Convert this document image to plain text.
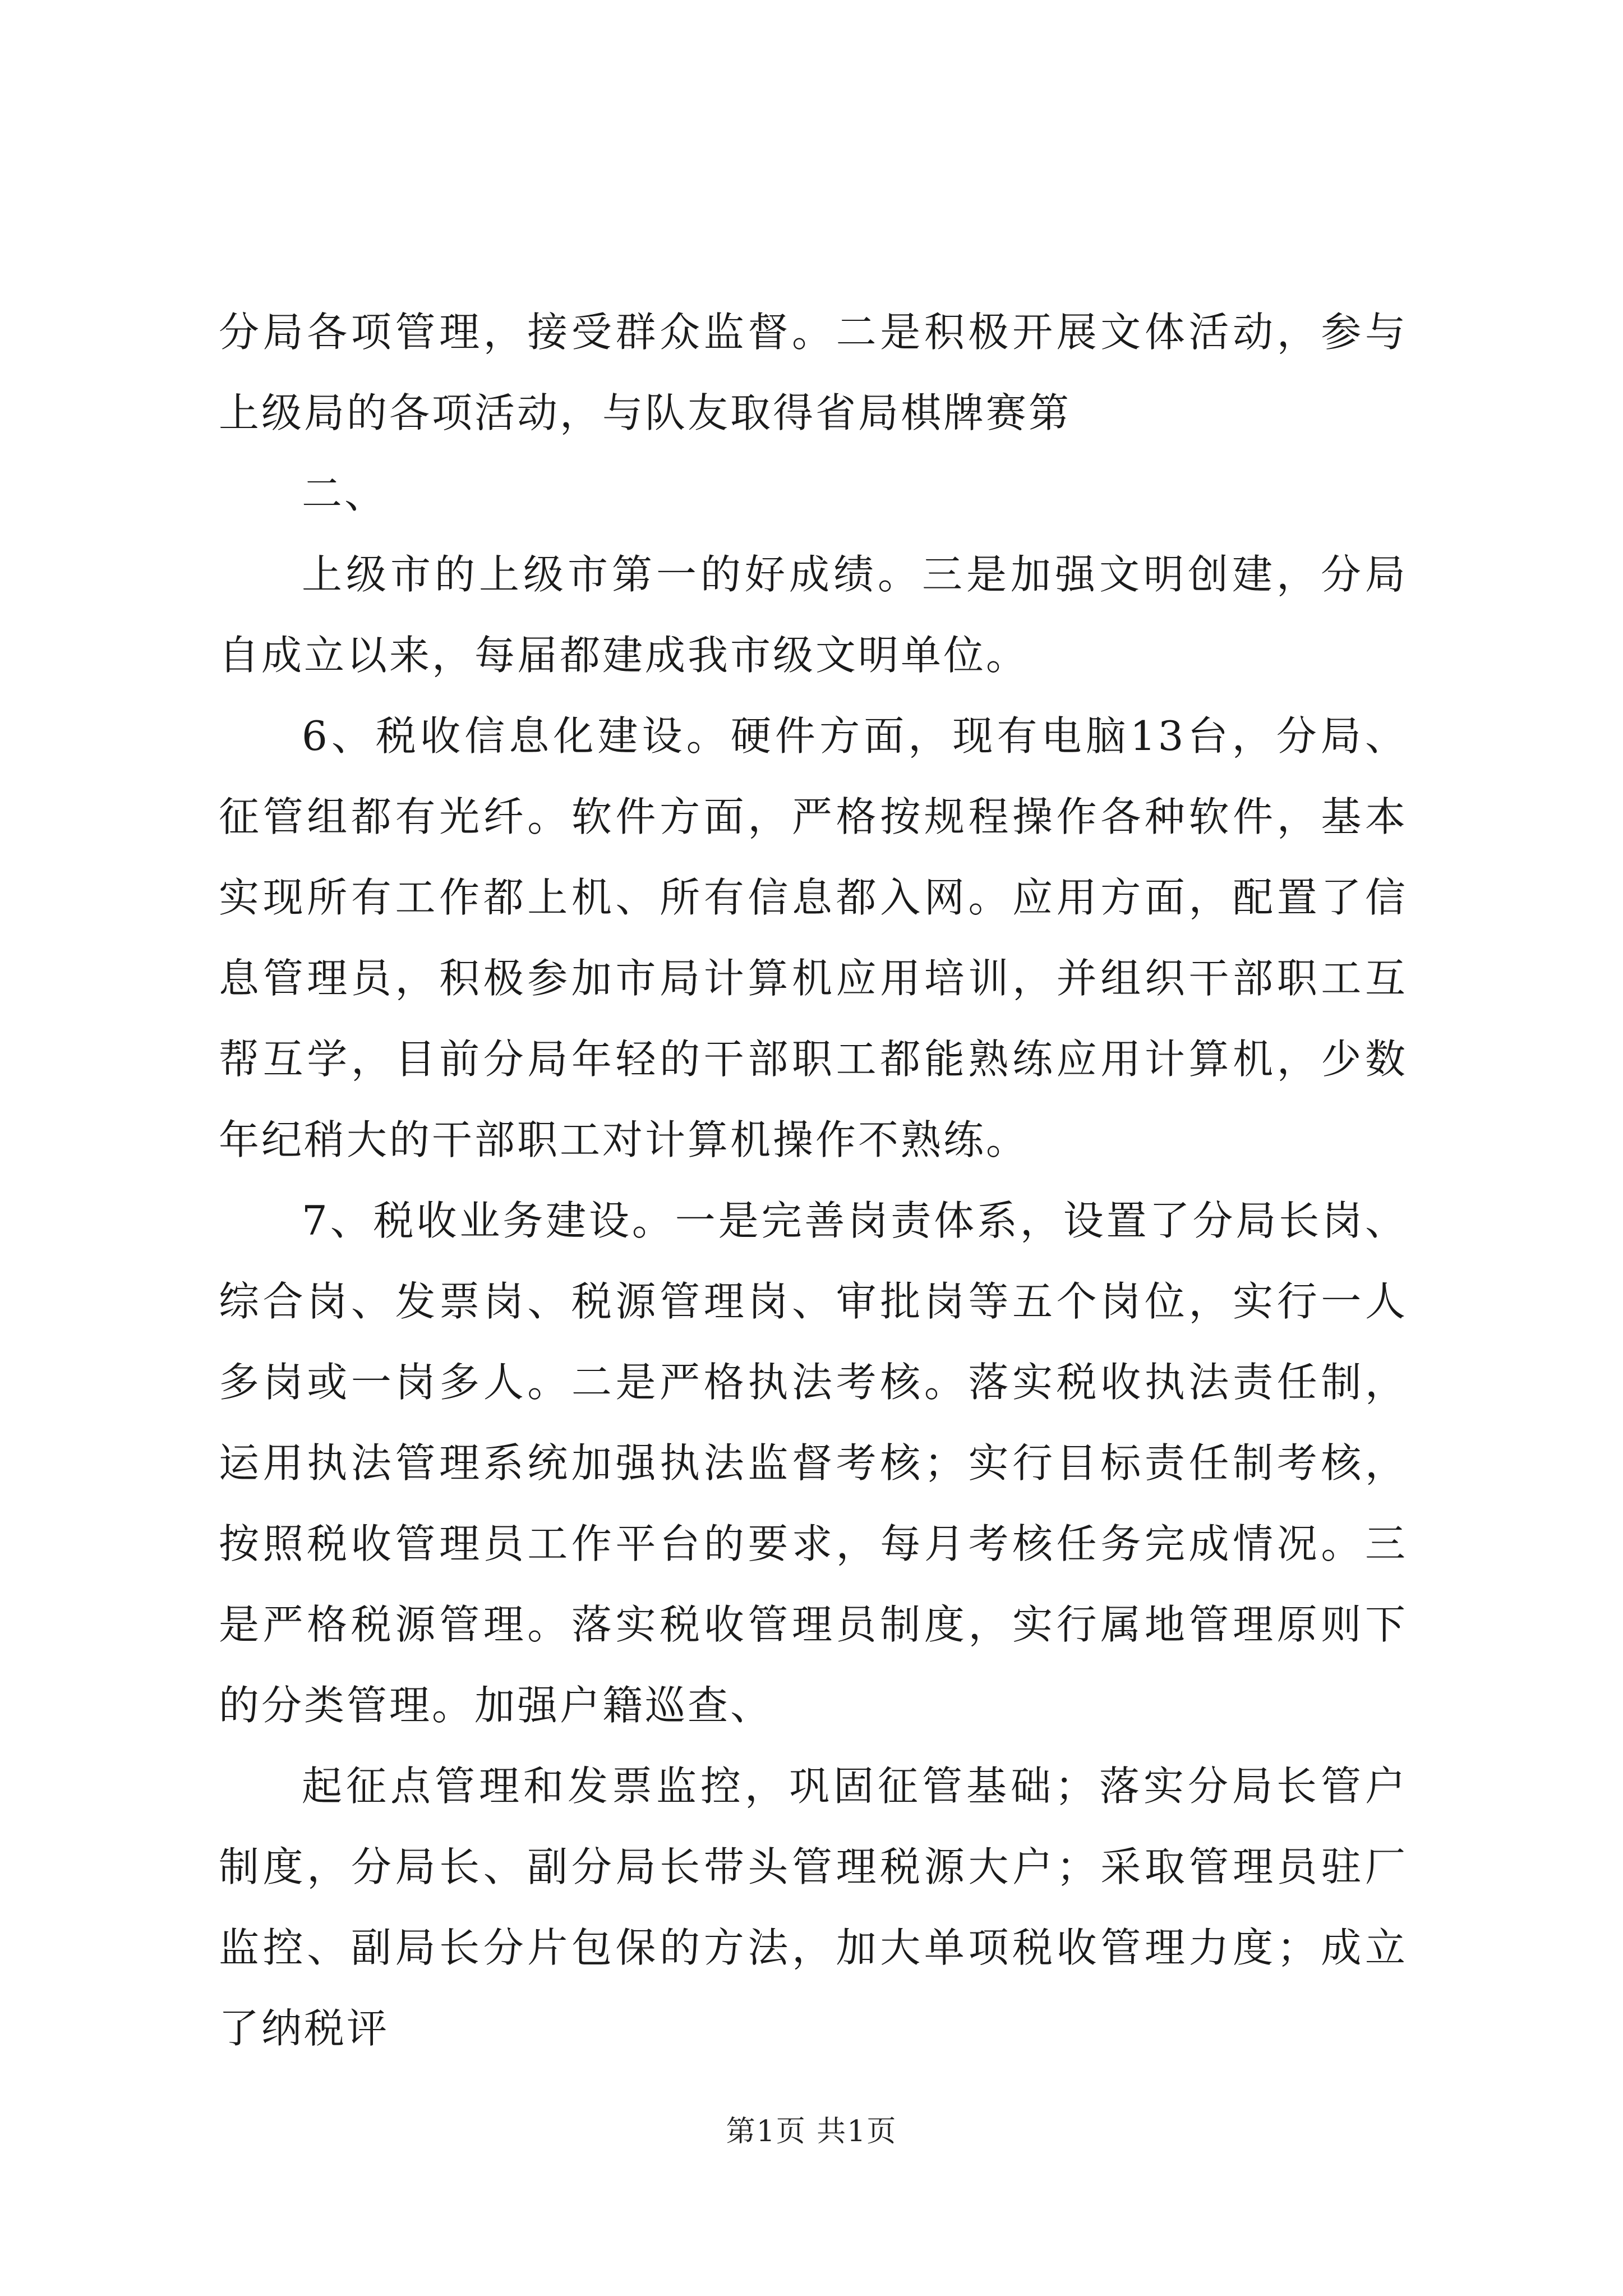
分局各项管理，接受群众监督。二是积极开展文体活动，参与上级局的各项活动，与队友取得省局棋牌赛第

二、

上级市的上级市第一的好成绩。三是加强文明创建，分局自成立以来，每届都建成我市级文明单位。

6、税收信息化建设。硬件方面，现有电脑13台，分局、征管组都有光纤。软件方面，严格按规程操作各种软件，基本实现所有工作都上机、所有信息都入网。应用方面，配置了信息管理员，积极参加市局计算机应用培训，并组织干部职工互帮互学，目前分局年轻的干部职工都能熟练应用计算机，少数年纪稍大的干部职工对计算机操作不熟练。

7、税收业务建设。一是完善岗责体系，设置了分局长岗、综合岗、发票岗、税源管理岗、审批岗等五个岗位，实行一人多岗或一岗多人。二是严格执法考核。落实税收执法责任制，运用执法管理系统加强执法监督考核；实行目标责任制考核，按照税收管理员工作平台的要求，每月考核任务完成情况。三是严格税源管理。落实税收管理员制度，实行属地管理原则下的分类管理。加强户籍巡查、

起征点管理和发票监控，巩固征管基础；落实分局长管户制度，分局长、副分局长带头管理税源大户；采取管理员驻厂监控、副局长分片包保的方法，加大单项税收管理力度；成立了纳税评

第1页 共1页
